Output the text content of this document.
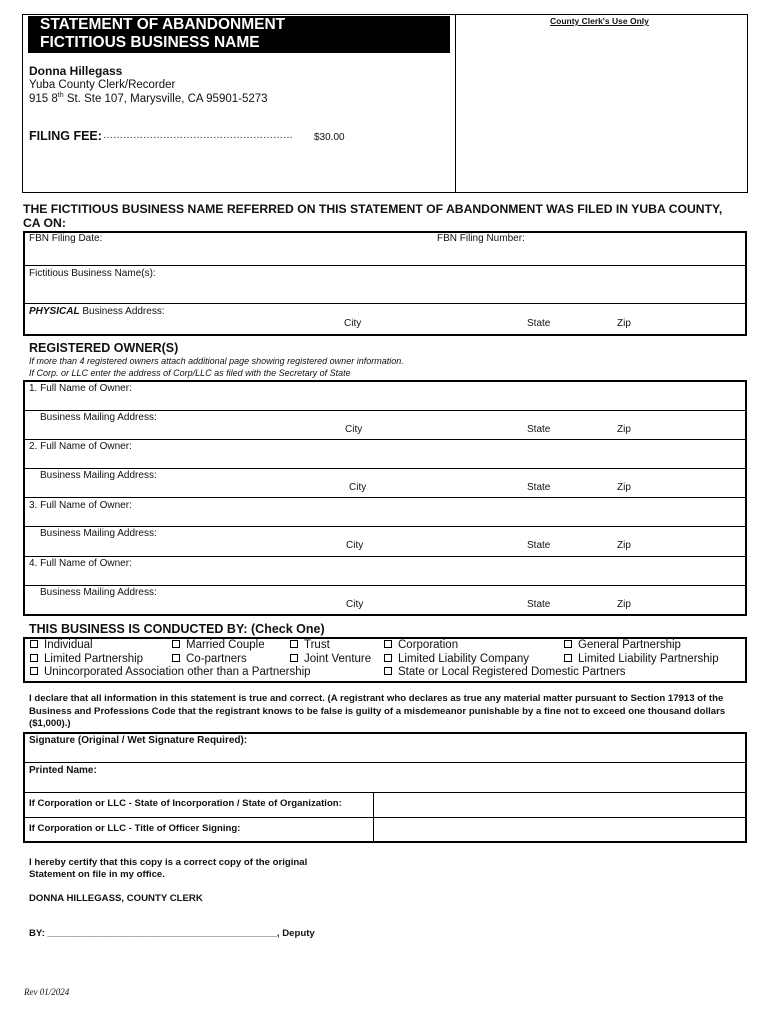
STATEMENT OF ABANDONMENT
FICTITIOUS BUSINESS NAME
County Clerk's Use Only
Donna Hillegass
Yuba County Clerk/Recorder
915 8th St. Ste 107, Marysville, CA 95901-5273
FILING FEE: …………………………………………………	$30.00
THE FICTITIOUS BUSINESS NAME REFERRED ON THIS STATEMENT OF ABANDONMENT WAS FILED IN YUBA COUNTY, CA ON:
FBN Filing Date:	FBN Filing Number:
Fictitious Business Name(s):
PHYSICAL Business Address:
City	State	Zip
REGISTERED OWNER(S)
If more than 4 registered owners attach additional page showing registered owner information.
If Corp. or LLC enter the address of Corp/LLC as filed with the Secretary of State
1. Full Name of Owner:
Business Mailing Address:
City	State	Zip
2. Full Name of Owner:
Business Mailing Address:
City	State	Zip
3. Full Name of Owner:
Business Mailing Address:
City	State	Zip
4. Full Name of Owner:
Business Mailing Address:
City	State	Zip
THIS BUSINESS IS CONDUCTED BY: (Check One)
Individual	Married Couple	Trust	Corporation	General Partnership
Limited Partnership	Co-partners	Joint Venture	Limited Liability Company	Limited Liability Partnership
Unincorporated Association other than a Partnership	State or Local Registered Domestic Partners
I declare that all information in this statement is true and correct. (A registrant who declares as true any material matter pursuant to Section 17913 of the Business and Professions Code that the registrant knows to be false is guilty of a misdemeanor punishable by a fine not to exceed one thousand dollars ($1,000).)
Signature (Original / Wet Signature Required):
Printed Name:
If Corporation or LLC - State of Incorporation / State of Organization:
If Corporation or LLC - Title of Officer Signing:
I hereby certify that this copy is a correct copy of the original
Statement on file in my office.
DONNA HILLEGASS, COUNTY CLERK
BY: ___________________________________________, Deputy
Rev 01/2024
